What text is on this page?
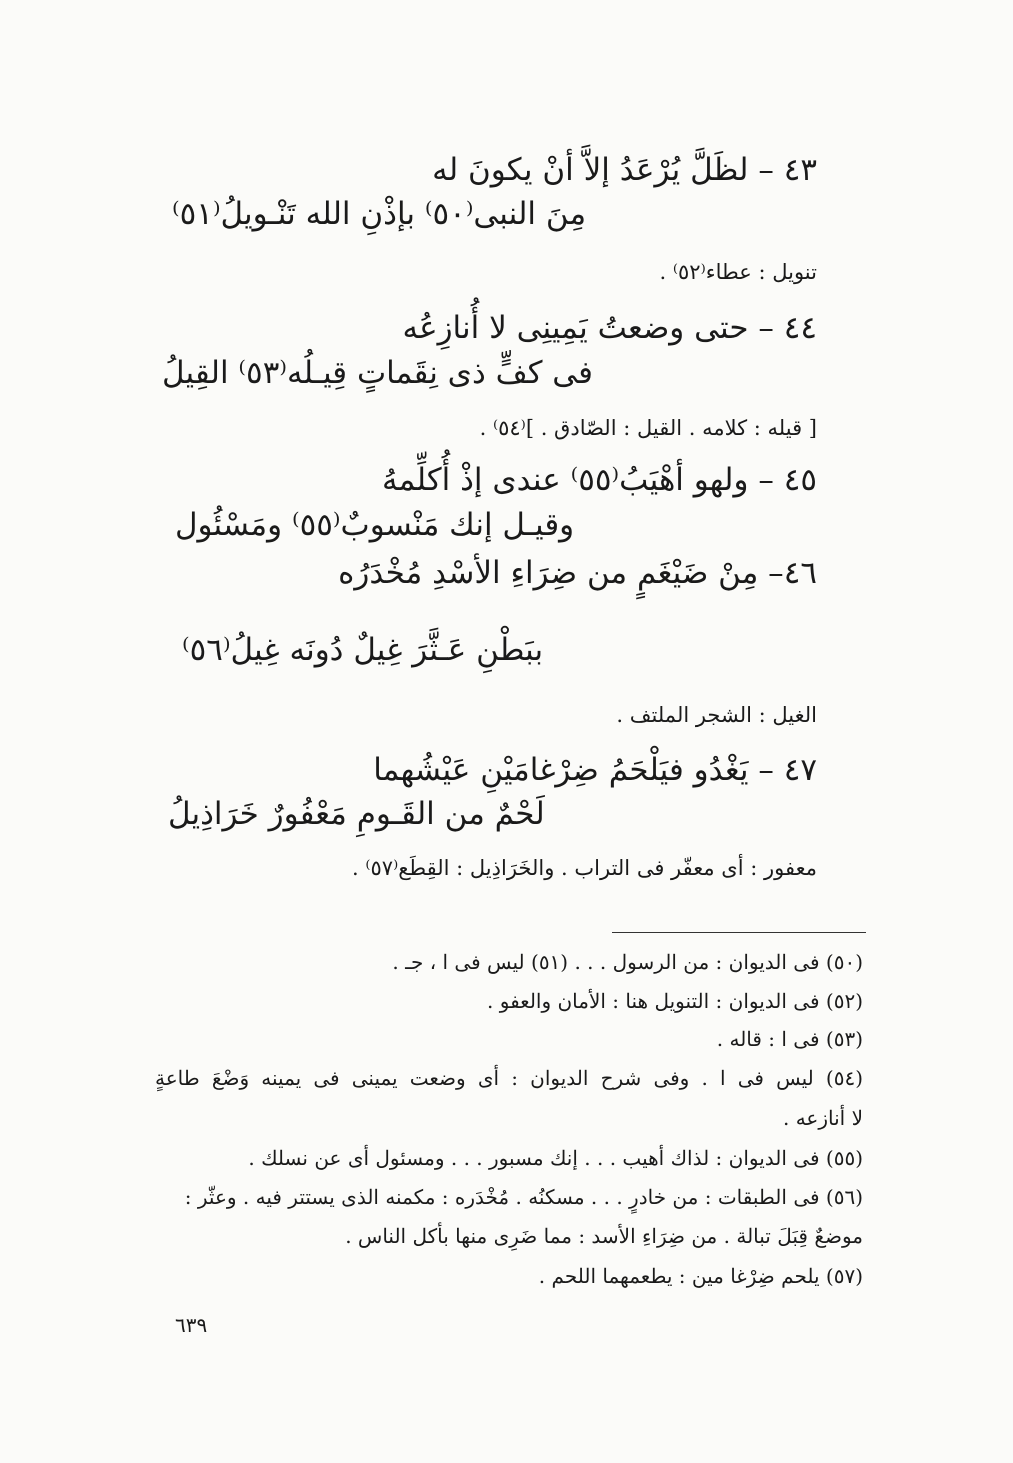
٤٣ – لظَلَّ يُرْعَدُ إلاَّ أنْ يكونَ له
مِنَ النبى⁽٥٠⁾ بإذْنِ الله تَنْـويلُ⁽٥١⁾
تنويل : عطاء⁽٥٢⁾ .
٤٤ – حتى وضعتُ يَمِينِى لا أُنازِعُه
فى كفٍّ ذى نِقَماتٍ قِيـلُه⁽٥٣⁾ القِيلُ
[ قيله : كلامه . القيل : الصّادق . ]⁽٥٤⁾ .
٤٥ – ولهو أهْيَبُ⁽٥٥⁾ عندى إذْ أُكلِّمهُ
وقيـل إنك مَنْسوبٌ⁽٥٥⁾ ومَسْئُول
٤٦– مِنْ ضَيْغَمٍ من ضِرَاءِ الأسْدِ مُخْدَرُه
ببَطْنِ عَـثَّرَ غِيلٌ دُونَه غِيلُ⁽٥٦⁾
الغيل : الشجر الملتف .
٤٧ – يَغْدُو فيَلْحَمُ ضِرْغامَيْنِ عَيْشُهما
لَحْمٌ من القَـومِ مَعْفُورٌ خَرَاذِيلُ
معفور : أى معفّر فى التراب . والخَرَاذِيل : القِطَع⁽٥٧⁾ .
(٥٠) فى الديوان : من الرسول . . . (٥١) ليس فى ا ، جـ .
(٥٢) فى الديوان : التنويل هنا : الأمان والعفو .
(٥٣) فى ا : قاله .
(٥٤) ليس فى ا . وفى شرح الديوان : أى وضعت يمينى فى يمينه وَضْعَ طاعةٍ
لا أنازعه .
(٥٥) فى الديوان : لذاك أهيب . . . إنك مسبور . . . ومسئول أى عن نسلك .
(٥٦) فى الطبقات : من خادرٍ . . . مسكنُه . مُخْدَره : مكمنه الذى يستتر فيه . وعثّر :
موضعٌ قِبَلَ تبالة . من ضِرَاءِ الأسد : مما ضَرِى منها بأكل الناس .
(٥٧) يلحم ضِرْغا مين : يطعمهما اللحم .
٦٣٩
